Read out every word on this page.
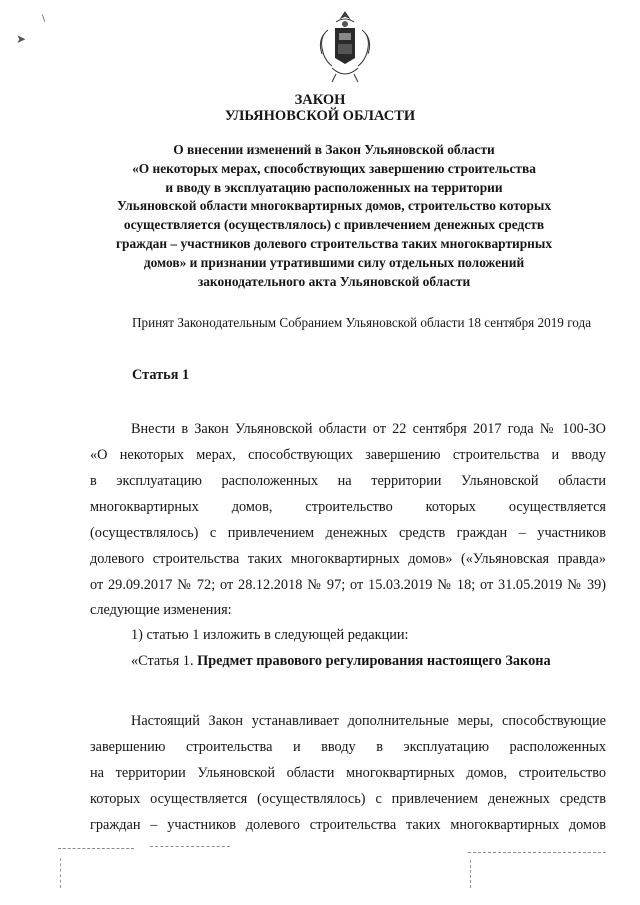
\
➤
ЗАКОН
УЛЬЯНОВСКОЙ ОБЛАСТИ
О внесении изменений в Закон Ульяновской области
«О некоторых мерах, способствующих завершению строительства
и вводу в эксплуатацию расположенных на территории
Ульяновской области многоквартирных домов, строительство которых
осуществляется (осуществлялось) с привлечением денежных средств
граждан – участников долевого строительства таких многоквартирных
домов» и признании утратившими силу отдельных положений
законодательного акта Ульяновской области
Принят Законодательным Собранием Ульяновской области 18 сентября 2019 года
Статья 1
Внести в Закон Ульяновской области от 22 сентября 2017 года № 100-ЗО
«О некоторых мерах, способствующих завершению строительства и вводу
в эксплуатацию расположенных на территории Ульяновской области
многоквартирных домов, строительство которых осуществляется
(осуществлялось) с привлечением денежных средств граждан – участников
долевого строительства таких многоквартирных домов» («Ульяновская правда»
от 29.09.2017 № 72; от 28.12.2018 № 97; от 15.03.2019 № 18; от 31.05.2019 № 39)
следующие изменения:
1) статью 1 изложить в следующей редакции:
«Статья 1. Предмет правового регулирования настоящего Закона
Настоящий Закон устанавливает дополнительные меры, способствующие
завершению строительства и вводу в эксплуатацию расположенных
на территории Ульяновской области многоквартирных домов, строительство
которых осуществляется (осуществлялось) с привлечением денежных средств
граждан – участников долевого строительства таких многоквартирных домов
